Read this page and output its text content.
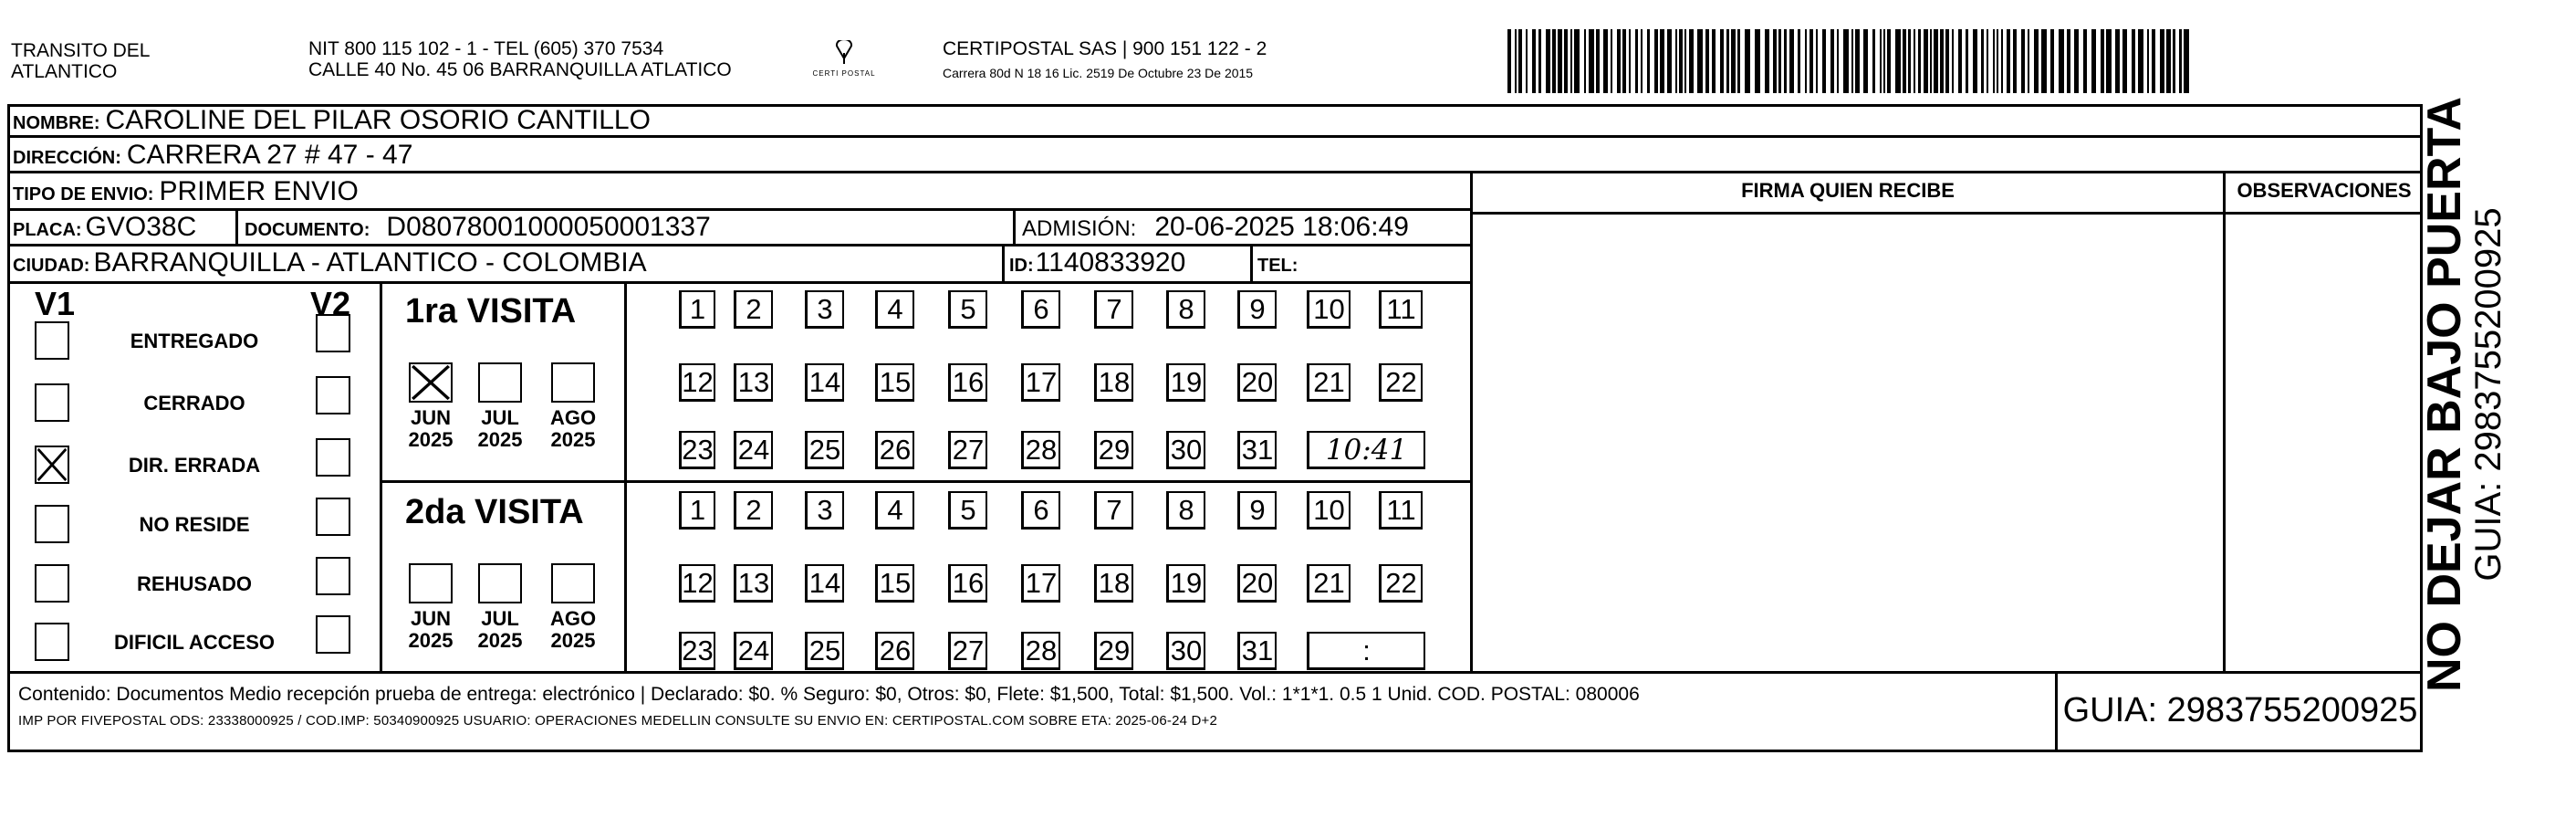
TRANSITO DEL
ATLANTICO
NIT 800 115 102 - 1 - TEL (605) 370 7534
CALLE 40 No. 45 06 BARRANQUILLA ATLATICO	CERTI POSTAL
CERTIPOSTAL SAS | 900 151 122 - 2
Carrera 80d N 18 16 Lic. 2519 De Octubre 23 De 2015
NOMBRE: CAROLINE DEL PILAR OSORIO CANTILLO
DIRECCIÓN: CARRERA 27 # 47 - 47
TIPO DE ENVIO: PRIMER ENVIO
PLACA: GVO38C	DOCUMENTO: D08078001000050001337	ADMISIÓN: 20-06-2025 18:06:49
CIUDAD: BARRANQUILLA - ATLANTICO - COLOMBIA	ID:1140833920	TEL:
FIRMA QUIEN RECIBE	OBSERVACIONES NO DEJAR BAJO PUERTA
GUIA: 2983755200925
V1	V2
ENTREGADO
CERRADO
DIR. ERRADA
NO RESIDE
REHUSADO
DIFICIL ACCESO
1ra VISITA
JUN
2025
JUL
2025
AGO
2025
1	2	3	4	5	6	7	8	9	10 11
12 13 14 15 16 17 18 19 20 21 22
23 24 25 26 27 28 29 30 31	10:41
2da VISITA
JUN
2025
JUL
2025
AGO
2025
1	2	3	4	5	6	7	8	9	10 11
12 13 14 15 16 17 18 19 20 21 22
23 24 25 26 27 28 29 30 31	:
Contenido: Documentos Medio recepción prueba de entrega: electrónico | Declarado: $0. % Seguro: $0, Otros: $0, Flete: $1,500, Total: $1,500. Vol.: 1*1*1. 0.5 1 Unid. COD. POSTAL: 080006
IMP POR FIVEPOSTAL ODS: 23338000925 / COD.IMP: 50340900925 USUARIO: OPERACIONES MEDELLIN CONSULTE SU ENVIO EN: CERTIPOSTAL.COM SOBRE ETA: 2025-06-24 D+2	GUIA: 2983755200925
